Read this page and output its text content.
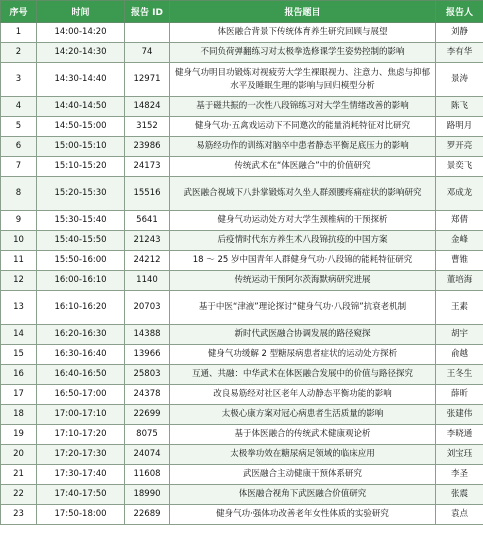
序号	时间	报告 ID	报告题目	报告人
1	14:00-14:20		体医融合背景下传统体育养生研究回顾与展望	刘静
2	14:20-14:30	74	不同负荷弹翻练习对太极拳选修课学生姿势控制的影响	李有华
3	14:30-14:40	12971	健身气功明目功锻炼对视疲劳大学生裸眼视力、注意力、焦虑与抑郁水平及睡眠生理的影响与回归模型分析	景涛
4	14:40-14:50	14824	基于磁共振的一次性八段锦练习对大学生情绪改善的影响	陈飞
5	14:50-15:00	3152	健身气功·五禽戏运动下不同邀次的能量消耗特征对比研究	路明月
6	15:00-15:10	23986	易筋经功作的训练对脑卒中患者静态平衡足底压力的影响	罗开亮
7	15:10-15:20	24173	传统武术在“体医融合”中的价值研究	景奕飞
8	15:20-15:30	15516	武医融合视域下八卦掌锻炼对久坐人群颈腰疼痛症状的影响研究	邓成龙
9	15:30-15:40	5641	健身气功运动处方对大学生颈椎病的干预探析	郑倩
10	15:40-15:50	21243	后疫情时代东方养生术八段锦抗疫的中国方案	金峰
11	15:50-16:00	24212	18 ～ 25 岁中国青年人群健身气功·八段锦的能耗特征研究	曹锥
12	16:00-16:10	1140	传统运动干预阿尔茨海默病研究进展	董培海
13	16:10-16:20	20703	基于中医“津液”理论探讨“健身气功·八段锦”抗衰老机制	王素
14	16:20-16:30	14388	新时代武医融合协调发展的路径窥探	胡宇
15	16:30-16:40	13966	健身气功缓解 2 型糖尿病患者症状的运动处方探析	俞越
16	16:40-16:50	25803	互通、共融：中华武术在体医融合发展中的价值与路径探究	王冬生
17	16:50-17:00	24378	改良易筋经对社区老年人动静态平衡功能的影响	薛昕
18	17:00-17:10	22699	太极心康方案对冠心病患者生活质量的影响	张建伟
19	17:10-17:20	8075	基于体医融合的传统武术健康观论析	李晓通
20	17:20-17:30	24074	太极拳功效在糖尿病足领域的临床应用	刘宝珏
21	17:30-17:40	11608	武医融合主动健康干预体系研究	李圣
22	17:40-17:50	18990	体医融合视角下武医融合价值研究	张震
23	17:50-18:00	22689	健身气功·强体功改善老年女性体质的实验研究	袁点
